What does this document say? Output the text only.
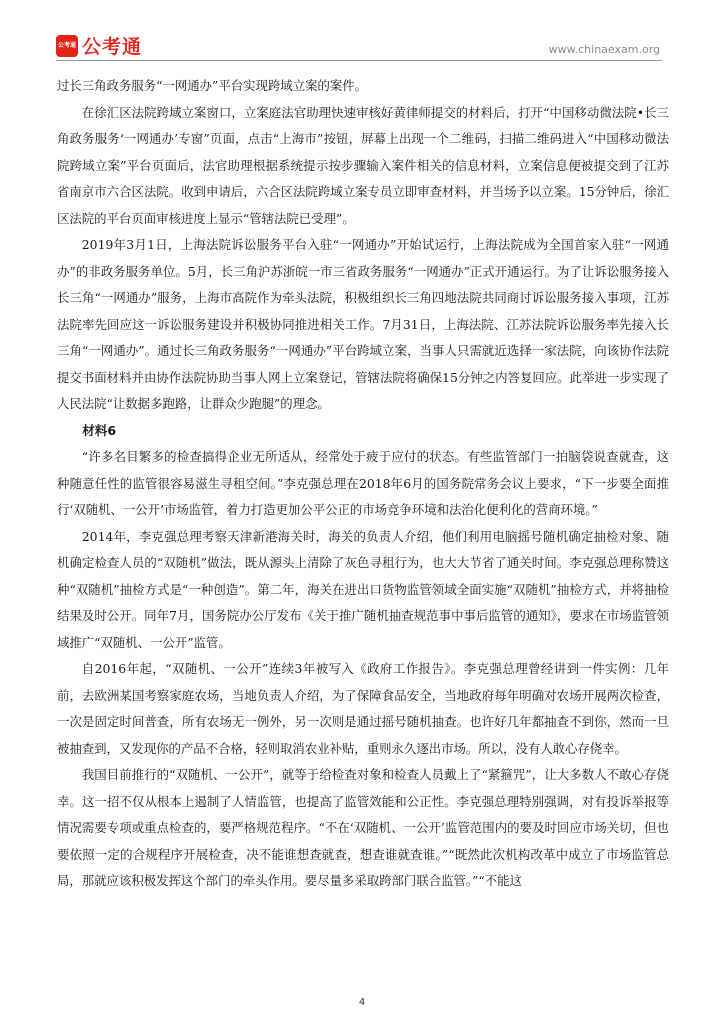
公考通 公考通	www.chinaexam.org

过长三角政务服务“一网通办”平台实现跨域立案的案件。

在徐汇区法院跨域立案窗口，立案庭法官助理快速审核好黄律师提交的材料后，打开“中国移动微法院•长三角政务服务‘一网通办’专窗”页面，点击“上海市”按钮，屏幕上出现一个二维码，扫描二维码进入“中国移动微法院跨域立案”平台页面后，法官助理根据系统提示按步骤输入案件相关的信息材料，立案信息便被提交到了江苏省南京市六合区法院。收到申请后，六合区法院跨域立案专员立即审查材料，并当场予以立案。15分钟后，徐汇区法院的平台页面审核进度上显示“管辖法院已受理”。

2019年3月1日，上海法院诉讼服务平台入驻“一网通办”开始试运行，上海法院成为全国首家入驻“一网通办”的非政务服务单位。5月，长三角沪苏浙皖一市三省政务服务“一网通办”正式开通运行。为了让诉讼服务接入长三角“一网通办”服务，上海市高院作为牵头法院，积极组织长三角四地法院共同商讨诉讼服务接入事项，江苏法院率先回应这一诉讼服务建设并积极协同推进相关工作。7月31日，上海法院、江苏法院诉讼服务率先接入长三角“一网通办”。通过长三角政务服务“一网通办”平台跨域立案，当事人只需就近选择一家法院，向该协作法院提交书面材料并由协作法院协助当事人网上立案登记，管辖法院将确保15分钟之内答复回应。此举进一步实现了人民法院“让数据多跑路，让群众少跑腿”的理念。

材料6

“许多名目繁多的检查搞得企业无所适从，经常处于疲于应付的状态。有些监管部门一拍脑袋说查就查，这种随意任性的监管很容易滋生寻租空间。”李克强总理在2018年6月的国务院常务会议上要求，“下一步要全面推行‘双随机、一公开’市场监管，着力打造更加公平公正的市场竞争环境和法治化便利化的营商环境。”

2014年，李克强总理考察天津新港海关时，海关的负责人介绍，他们利用电脑摇号随机确定抽检对象、随机确定检查人员的“双随机”做法，既从源头上清除了灰色寻租行为，也大大节省了通关时间。李克强总理称赞这种“双随机”抽检方式是“一种创造”。第二年，海关在进出口货物监管领域全面实施“双随机”抽检方式，并将抽检结果及时公开。同年7月，国务院办公厅发布《关于推广随机抽查规范事中事后监管的通知》，要求在市场监管领域推广“双随机、一公开”监管。

自2016年起，“双随机、一公开”连续3年被写入《政府工作报告》。李克强总理曾经讲到一件实例：几年前，去欧洲某国考察家庭农场，当地负责人介绍，为了保障食品安全，当地政府每年明确对农场开展两次检查，一次是固定时间普查，所有农场无一例外，另一次则是通过摇号随机抽查。也许好几年都抽查不到你，然而一旦被抽查到，又发现你的产品不合格，轻则取消农业补贴，重则永久逐出市场。所以，没有人敢心存侥幸。

我国目前推行的“双随机、一公开”，就等于给检查对象和检查人员戴上了“紧箍咒”，让大多数人不敢心存侥幸。这一招不仅从根本上遏制了人情监管，也提高了监管效能和公正性。李克强总理特别强调，对有投诉举报等情况需要专项或重点检查的，要严格规范程序。“不在‘双随机、一公开’监管范围内的要及时回应市场关切，但也要依照一定的合规程序开展检查，决不能谁想查就查，想查谁就查谁。”“既然此次机构改革中成立了市场监管总局，那就应该积极发挥这个部门的牵头作用。要尽量多采取跨部门联合监管。”“不能这

4
